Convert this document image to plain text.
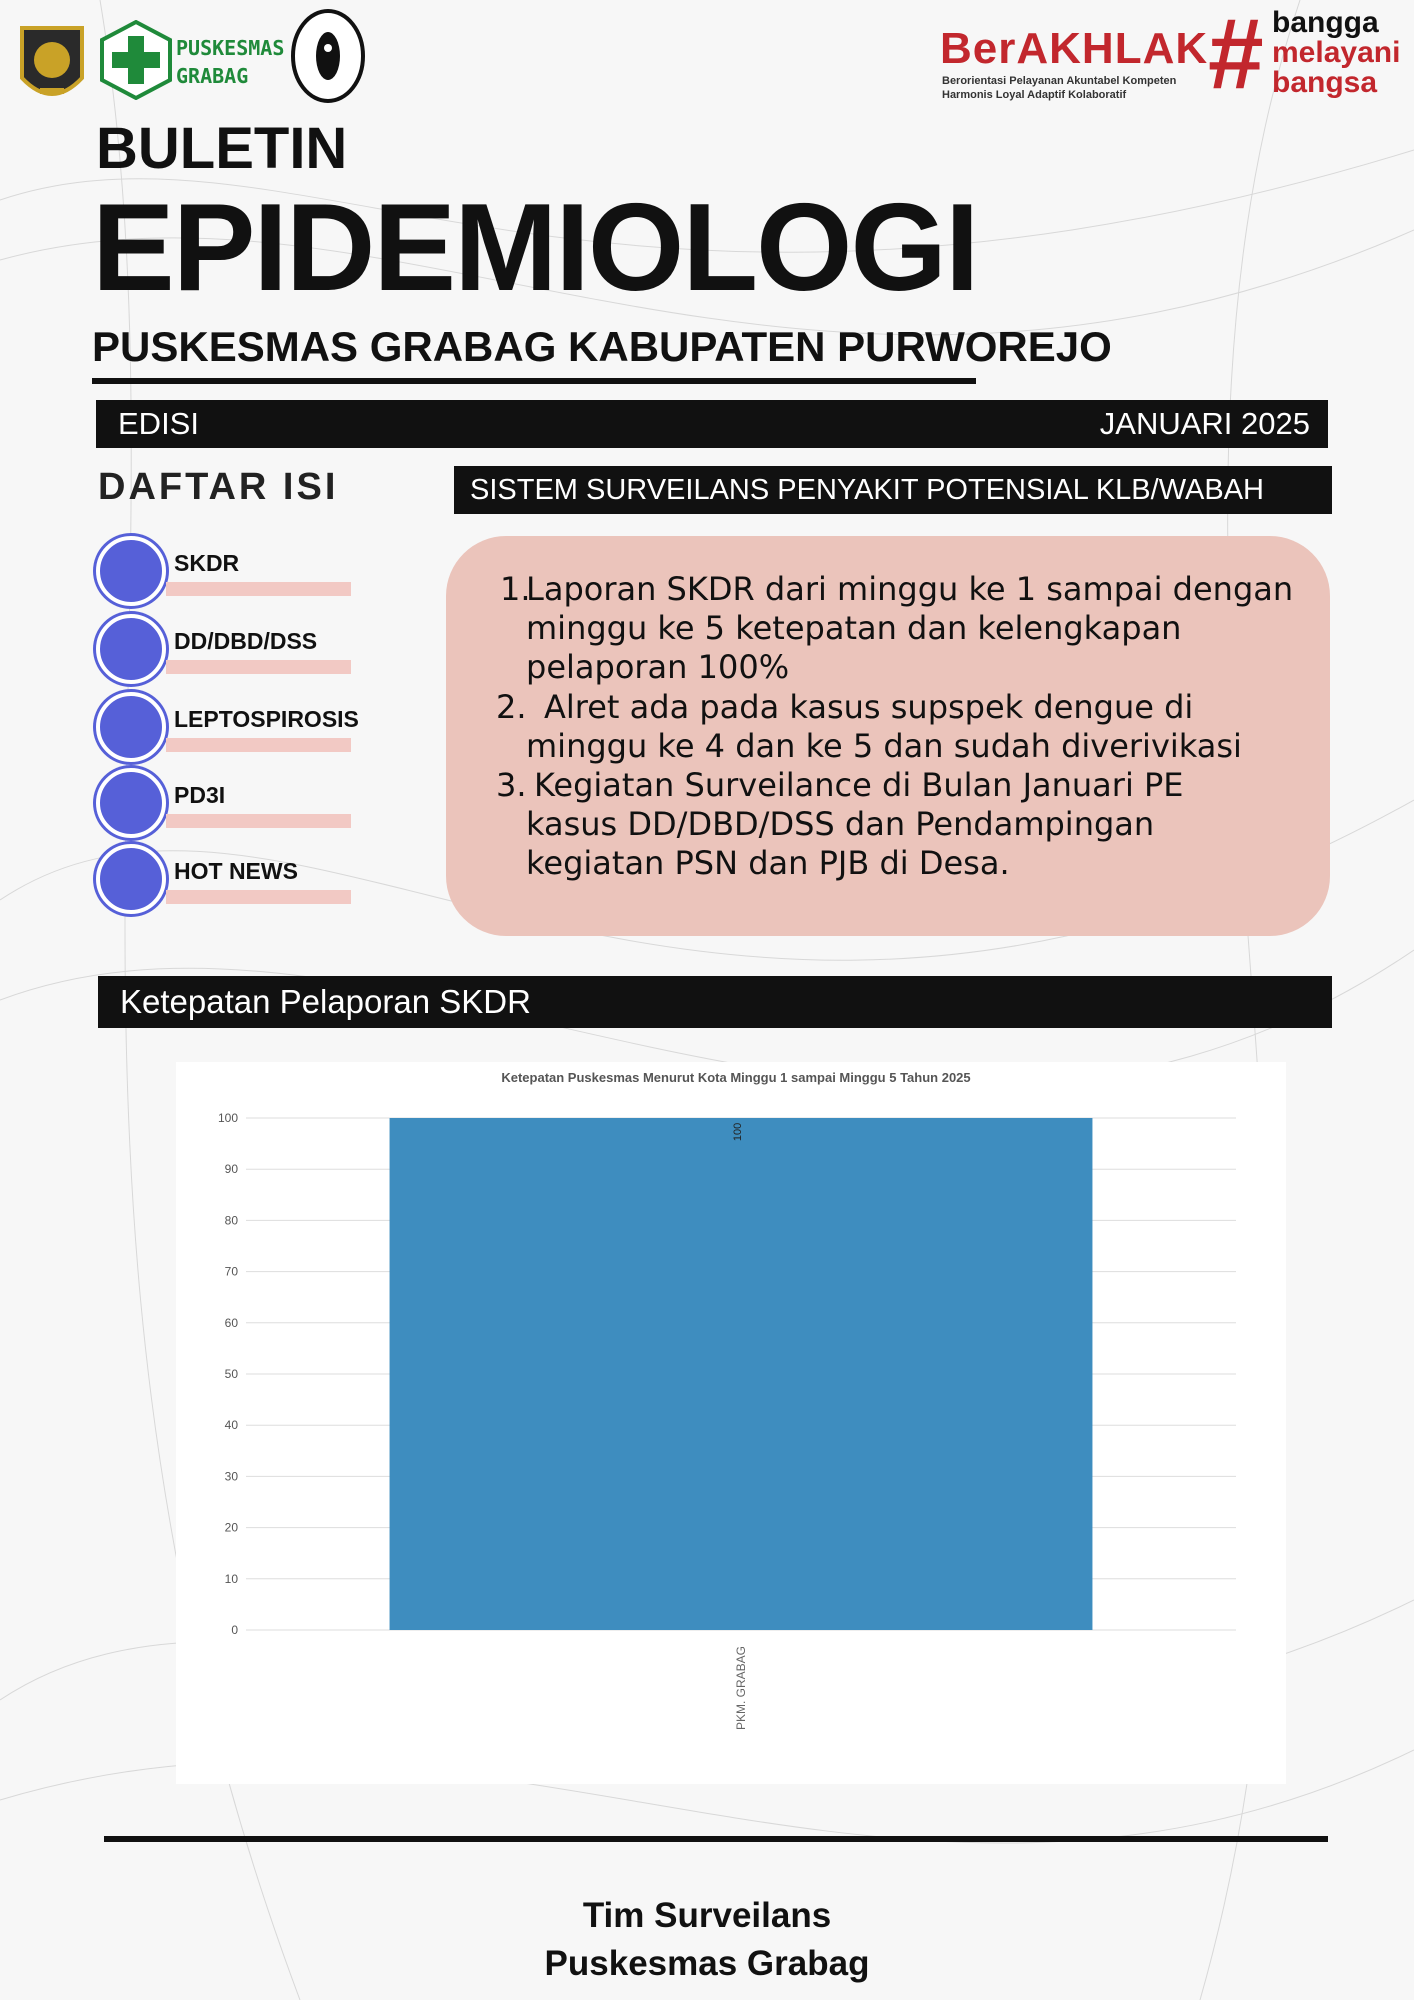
PUSKESMAS
GRABAG
BerAKHLAK
Berorientasi Pelayanan Akuntabel Kompeten
Harmonis Loyal Adaptif Kolaboratif # bangga
melayani
bangsa
BULETIN
EPIDEMIOLOGI
PUSKESMAS GRABAG KABUPATEN PURWOREJO
EDISI	JANUARI 2025
DAFTAR ISI	SISTEM SURVEILANS PENYAKIT POTENSIAL KLB/WABAH
SKDR
DD/DBD/DSS
LEPTOSPIROSIS
PD3I
HOT NEWS
1.
Laporan SKDR dari minggu ke 1 sampai dengan
minggu ke 5 ketepatan dan kelengkapan
pelaporan 100%
2. Alret ada pada kasus supspek dengue di
minggu ke 4 dan ke 5 dan sudah diverivikasi
3. Kegiatan Surveilance di Bulan Januari PE
kasus DD/DBD/DSS dan Pendampingan
kegiatan PSN dan PJB di Desa.
Ketepatan Pelaporan SKDR
Ketepatan Puskesmas Menurut Kota Minggu 1 sampai Minggu 5 Tahun 2025
0
10
20
30
40
50
60
70
80
90
100
100
PKM. GRABAG
Tim Surveilans
Puskesmas Grabag
